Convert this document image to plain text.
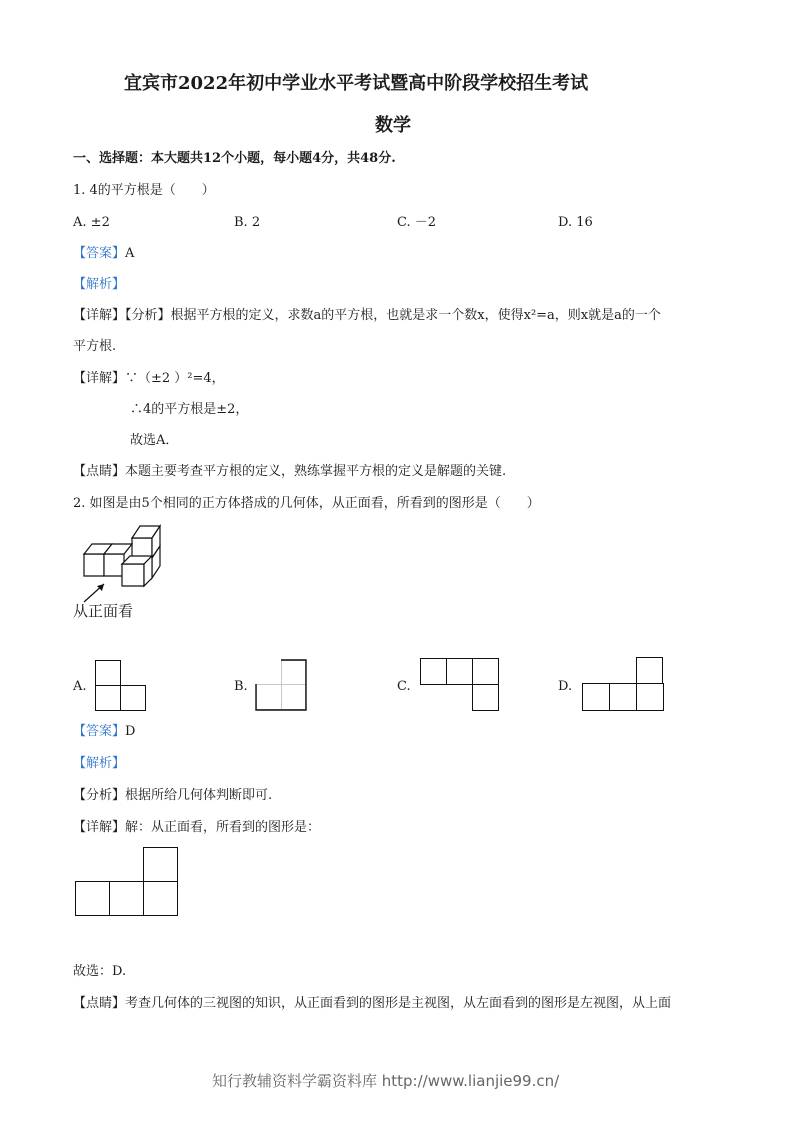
宜宾市2022年初中学业水平考试暨高中阶段学校招生考试
数学
一、选择题：本大题共12个小题，每小题4分，共48分.
1. 4的平方根是（　　）
A. ±2	B. 2	C. －2	D. 16
【答案】A
【解析】
【详解】【分析】根据平方根的定义，求数a的平方根，也就是求一个数x，使得x²=a，则x就是a的一个
平方根.
【详解】∵（±2 ）²=4，
∴4的平方根是±2，
故选A．
【点睛】本题主要考查平方根的定义，熟练掌握平方根的定义是解题的关键.
2. 如图是由5个相同的正方体搭成的几何体，从正面看，所看到的图形是（　　）
从正面看
A.	B.	C.	D.
【答案】D
【解析】
【分析】根据所给几何体判断即可.
【详解】解：从正面看，所看到的图形是：
故选：D.
【点睛】考查几何体的三视图的知识，从正面看到的图形是主视图，从左面看到的图形是左视图，从上面
知行教辅资料学霸资料库 http://www.lianjie99.cn/
